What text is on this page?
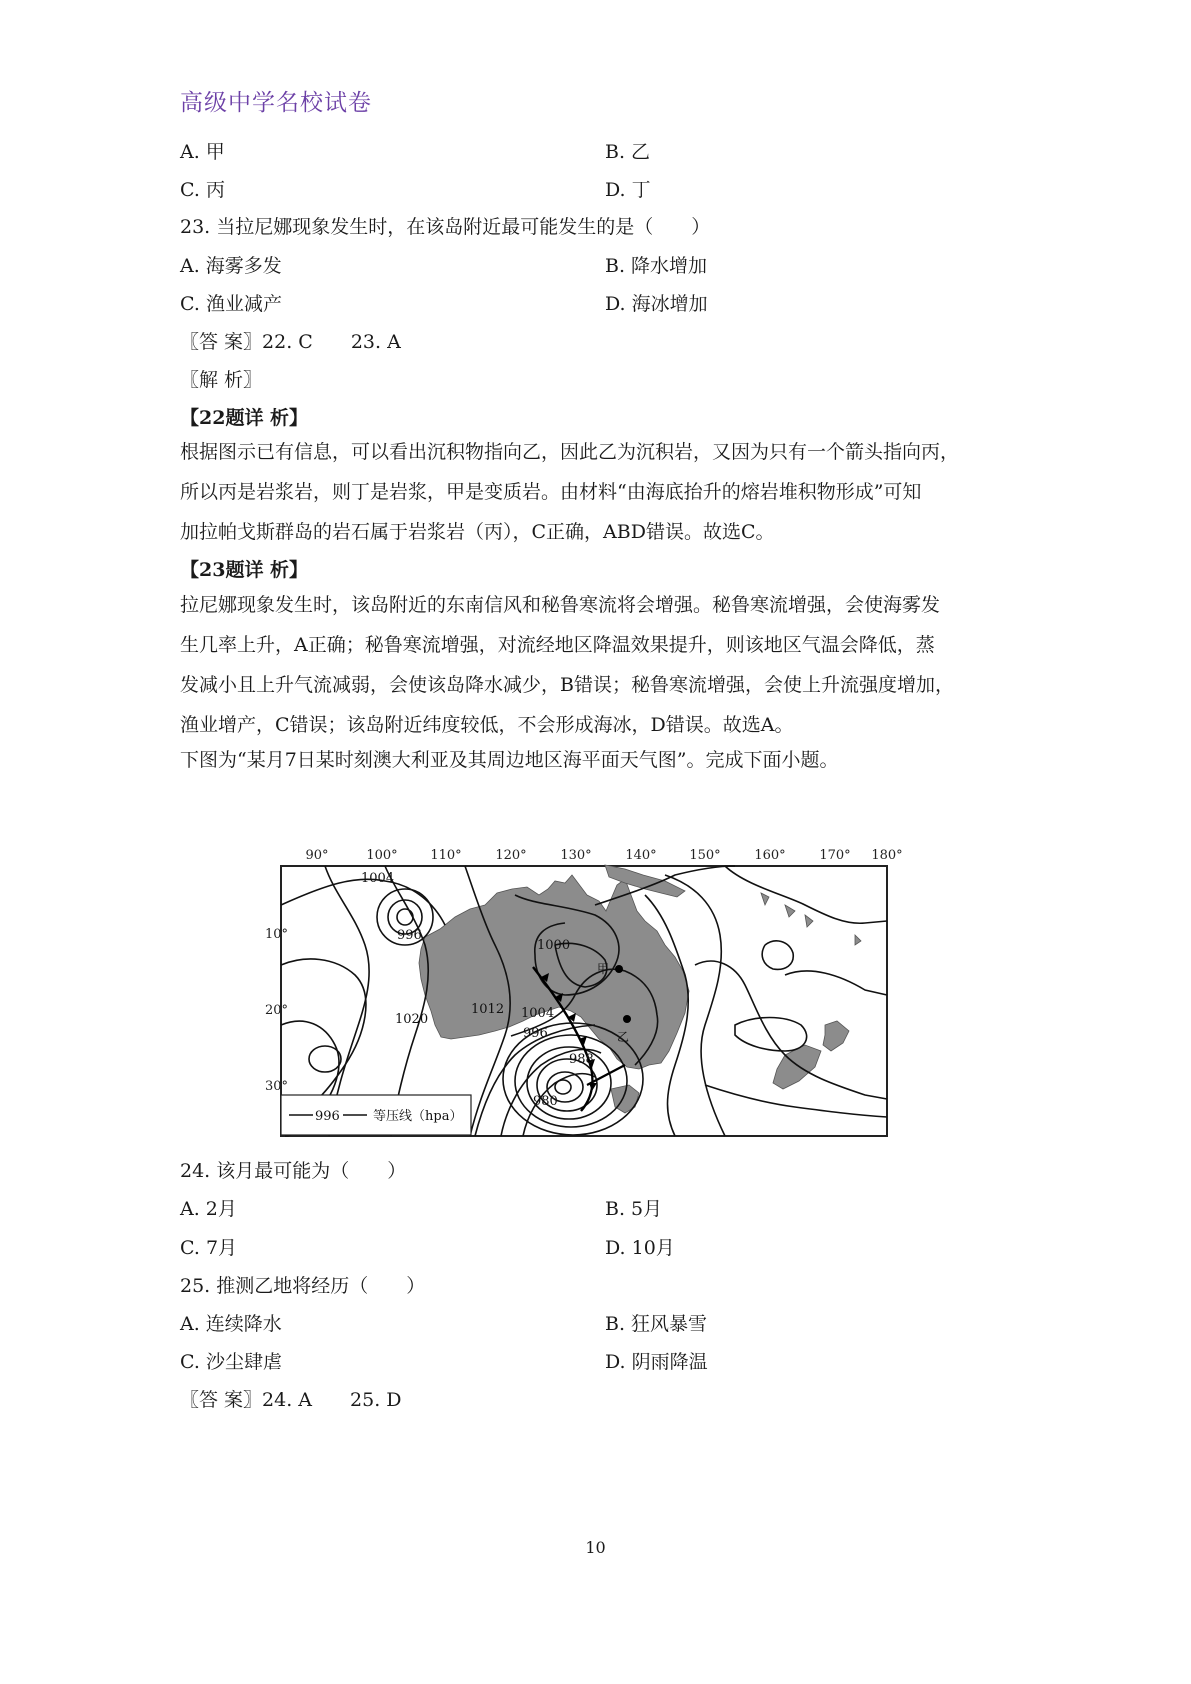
高级中学名校试卷
A. 甲	B. 乙
C. 丙	D. 丁
23. 当拉尼娜现象发生时，在该岛附近最可能发生的是（　　）
A. 海雾多发	B. 降水增加
C. 渔业减产	D. 海冰增加
〖答 案〗22. C　　23. A
〖解 析〗
【22题详 析】
根据图示已有信息，可以看出沉积物指向乙，因此乙为沉积岩，又因为只有一个箭头指向丙，
所以丙是岩浆岩，则丁是岩浆，甲是变质岩。由材料“由海底抬升的熔岩堆积物形成”可知
加拉帕戈斯群岛的岩石属于岩浆岩（丙），C正确，ABD错误。故选C。
【23题详 析】
拉尼娜现象发生时，该岛附近的东南信风和秘鲁寒流将会增强。秘鲁寒流增强，会使海雾发
生几率上升，A正确；秘鲁寒流增强，对流经地区降温效果提升，则该地区气温会降低，蒸
发减小且上升气流减弱，会使该岛降水减少，B错误；秘鲁寒流增强，会使上升流强度增加，
渔业增产，C错误；该岛附近纬度较低，不会形成海冰，D错误。故选A。
下图为“某月7日某时刻澳大利亚及其周边地区海平面天气图”。完成下面小题。
90°	100°	110°	120°	130°	140°	150°	160°	170° 180°
10°
20°
30°
甲
乙
1004
996
1000
1020
1012 1004
996
988
980
996	等压线（hpa）
24. 该月最可能为（　　）
A. 2月	B. 5月
C. 7月	D. 10月
25. 推测乙地将经历（　　）
A. 连续降水	B. 狂风暴雪
C. 沙尘肆虐	D. 阴雨降温
〖答 案〗24. A　　25. D
10
